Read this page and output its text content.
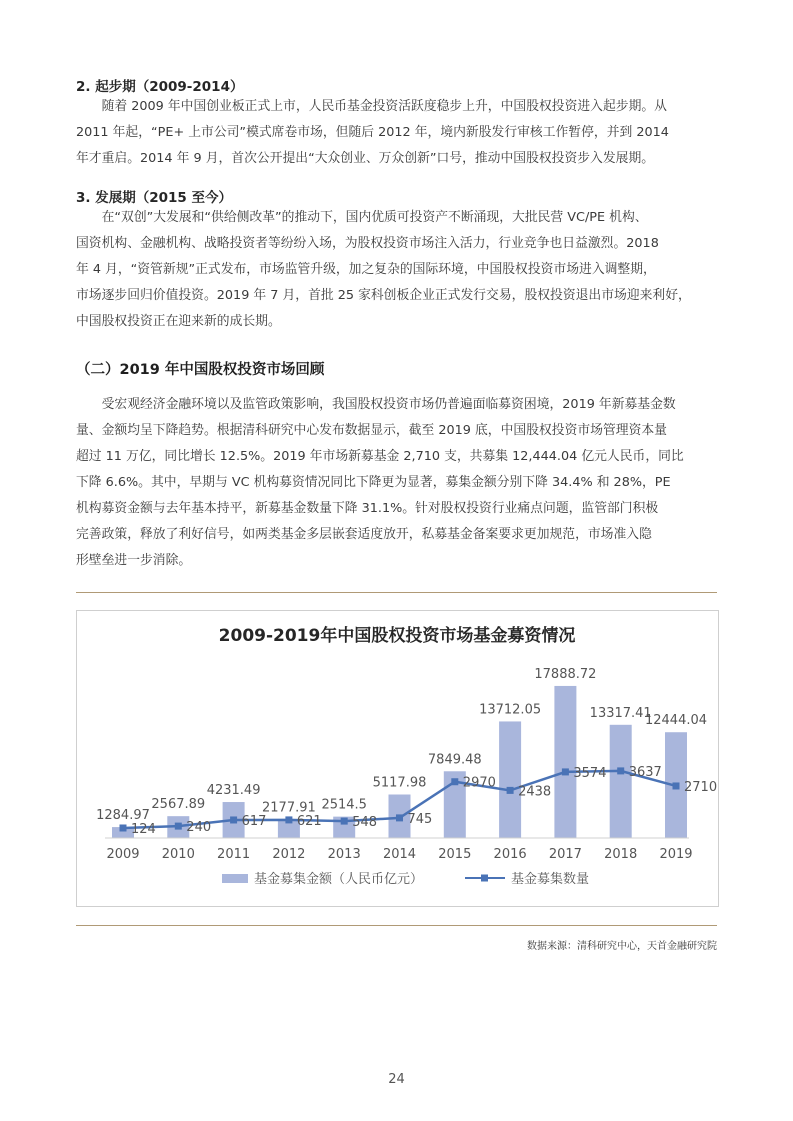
2. 起步期（2009-2014）

随着 2009 年中国创业板正式上市，人民币基金投资活跃度稳步上升，中国股权投资进入起步期。从

2011 年起，“PE+ 上市公司”模式席卷市场，但随后 2012 年，境内新股发行审核工作暂停，并到 2014

年才重启。2014 年 9 月，首次公开提出“大众创业、万众创新”口号，推动中国股权投资步入发展期。

3. 发展期（2015 至今）

在“双创”大发展和“供给侧改革”的推动下，国内优质可投资产不断涌现，大批民营 VC/PE 机构、

国资机构、金融机构、战略投资者等纷纷入场，为股权投资市场注入活力，行业竞争也日益激烈。2018

年 4 月，“资管新规”正式发布，市场监管升级，加之复杂的国际环境，中国股权投资市场进入调整期，

市场逐步回归价值投资。2019 年 7 月，首批 25 家科创板企业正式发行交易，股权投资退出市场迎来利好，

中国股权投资正在迎来新的成长期。

（二）2019 年中国股权投资市场回顾

受宏观经济金融环境以及监管政策影响，我国股权投资市场仍普遍面临募资困境，2019 年新募基金数

量、金额均呈下降趋势。根据清科研究中心发布数据显示，截至 2019 底，中国股权投资市场管理资本量

超过 11 万亿，同比增长 12.5%。2019 年市场新募基金 2,710 支，共募集 12,444.04 亿元人民币，同比

下降 6.6%。其中，早期与 VC 机构募资情况同比下降更为显著，募集金额分别下降 34.4% 和 28%，PE

机构募资金额与去年基本持平，新募基金数量下降 31.1%。针对股权投资行业痛点问题，监管部门积极

完善政策，释放了利好信号，如两类基金多层嵌套适度放开，私募基金备案要求更加规范，市场准入隐

形壁垒进一步消除。

2009-2019年中国股权投资市场基金募资情况
1284.97
2567.89
4231.49
2177.91 2514.5
5117.98
7849.48
13712.05
17888.72
13317.41
12444.04
124 240 617 621 548 745
2970
2438
3574 3637
2710
2009 2010 2011 2012 2013 2014 2015 2016 2017 2018 2019
基金募集金额（人民币亿元）	基金募集数量
数据来源：清科研究中心，天首金融研究院
24
